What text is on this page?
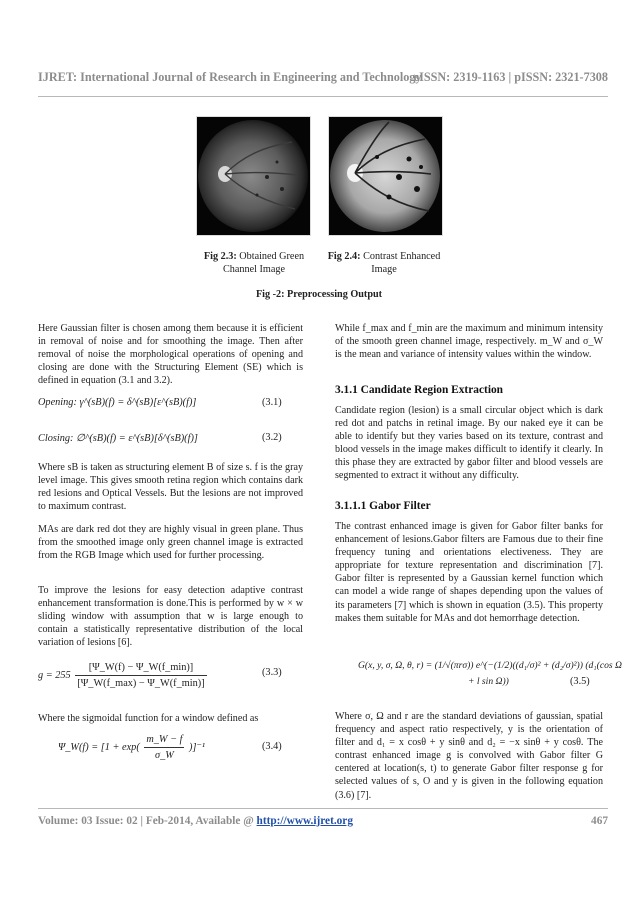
IJRET: International Journal of Research in Engineering and Technology
eISSN: 2319-1163 | pISSN: 2321-7308
Fig 2.3: Obtained Green
Channel Image
Fig 2.4: Contrast Enhanced
Image
Fig -2: Preprocessing Output
Here Gaussian filter is chosen among them because it is efficient in removal of noise and for smoothing the image. Then after removal of noise the morphological operations of opening and closing are done with the Structuring Element (SE) which is defined in equation (3.1 and 3.2).
Opening: γ^(sB)(f) = δ^(sB)[ε^(sB)(f)]	(3.1)
Closing: ∅^(sB)(f) = ε^(sB)[δ^(sB)(f)]	(3.2)
Where sB is taken as structuring element B of size s. f is the gray level image. This gives smooth retina region which contains dark red lesions and Optical Vessels. But the lesions are not improved to maximum contrast.
MAs are dark red dot they are highly visual in green plane. Thus from the smoothed image only green channel image is extracted from the RGB Image which used for further processing.
To improve the lesions for easy detection adaptive contrast enhancement transformation is done.This is performed by w × w sliding window with assumption that w is large enough to contain a statistically representative distribution of the local variation of lesions [6].
$g = 255 \frac{[\Psi\_W(f) - \Psi\_W(f\_\min)]}{[\Psi\_W(f\_\max) - \Psi\_W(f\_\min)]}$	(3.3)
Where the sigmoidal function for a window defined as
Ψ_W(f) = $[1 + \exp( \frac{m\_W - f}{\sigma\_W} )]^{-1}$	(3.4)
While f_max and f_min are the maximum and minimum intensity of the smooth green channel image, respectively. m_W and σ_W is the mean and variance of intensity values within the window.
3.1.1 Candidate Region Extraction
Candidate region (lesion) is a small circular object which is dark red dot and patchs in retinal image. By our naked eye it can be able to identify but they varies based on its texture, contrast and blood vessels in the image makes difficult to identify it clearly. In this phase they are extracted by gabor filter and blood vessels are segmented to extract it without any difficulty.
3.1.1.1 Gabor Filter
The contrast enhanced image is given for Gabor filter banks for enhancement of lesions.Gabor filters are Famous due to their fine frequency tuning and orientations electiveness. They are appropriate for texture representation and discrimination [7]. Gabor filter is represented by a Gaussian kernel function which can model a wide range of shapes depending upon the values of its parameters [7] which is shown in equation (3.5). This property makes them suitable for MAs and dot hemorrhage detection.
G(x, y, σ, Ω, θ, r) = (1/√(πrσ)) e^(−(1/2)((d₁/σ)² + (d₂/σ)²)) (d₁(cos Ω
+ l sin Ω))	(3.5)
Where σ, Ω and r are the standard deviations of gaussian, spatial frequency and aspect ratio respectively, y is the orientation of filter and d₁ = x cosθ + y sinθ and d₂ = −x sinθ + y cosθ. The contrast enhanced image g is convolved with Gabor filter G centered at location(s, t) to generate Gabor filter response g for selected values of s, O and y is given in the following equation (3.6) [7].
Volume: 03 Issue: 02 | Feb-2014, Available @ http://www.ijret.org	467
